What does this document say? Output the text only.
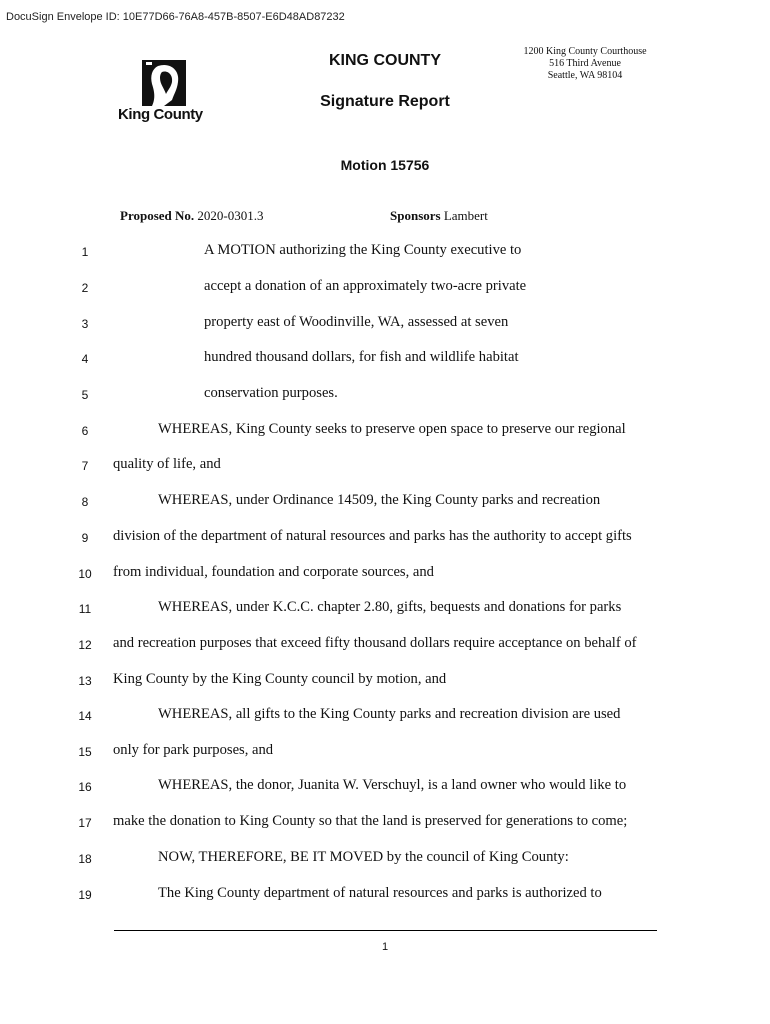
DocuSign Envelope ID: 10E77D66-76A8-457B-8507-E6D48AD87232
King County
KING COUNTY
Signature Report
1200 King County Courthouse
516 Third Avenue
Seattle, WA 98104
Motion 15756
Proposed No. 2020-0301.3	Sponsors Lambert
1
2
3
4
5
6
7
8
9
10
11
12
13
14
15
16
17
18
19
A MOTION authorizing the King County executive to
accept a donation of an approximately two-acre private
property east of Woodinville, WA, assessed at seven
hundred thousand dollars, for fish and wildlife habitat
conservation purposes.
WHEREAS, King County seeks to preserve open space to preserve our regional
quality of life, and
WHEREAS, under Ordinance 14509, the King County parks and recreation
division of the department of natural resources and parks has the authority to accept gifts
from individual, foundation and corporate sources, and
WHEREAS, under K.C.C. chapter 2.80, gifts, bequests and donations for parks
and recreation purposes that exceed fifty thousand dollars require acceptance on behalf of
King County by the King County council by motion, and
WHEREAS, all gifts to the King County parks and recreation division are used
only for park purposes, and
WHEREAS, the donor, Juanita W. Verschuyl, is a land owner who would like to
make the donation to King County so that the land is preserved for generations to come;
NOW, THEREFORE, BE IT MOVED by the council of King County:
The King County department of natural resources and parks is authorized to
1
